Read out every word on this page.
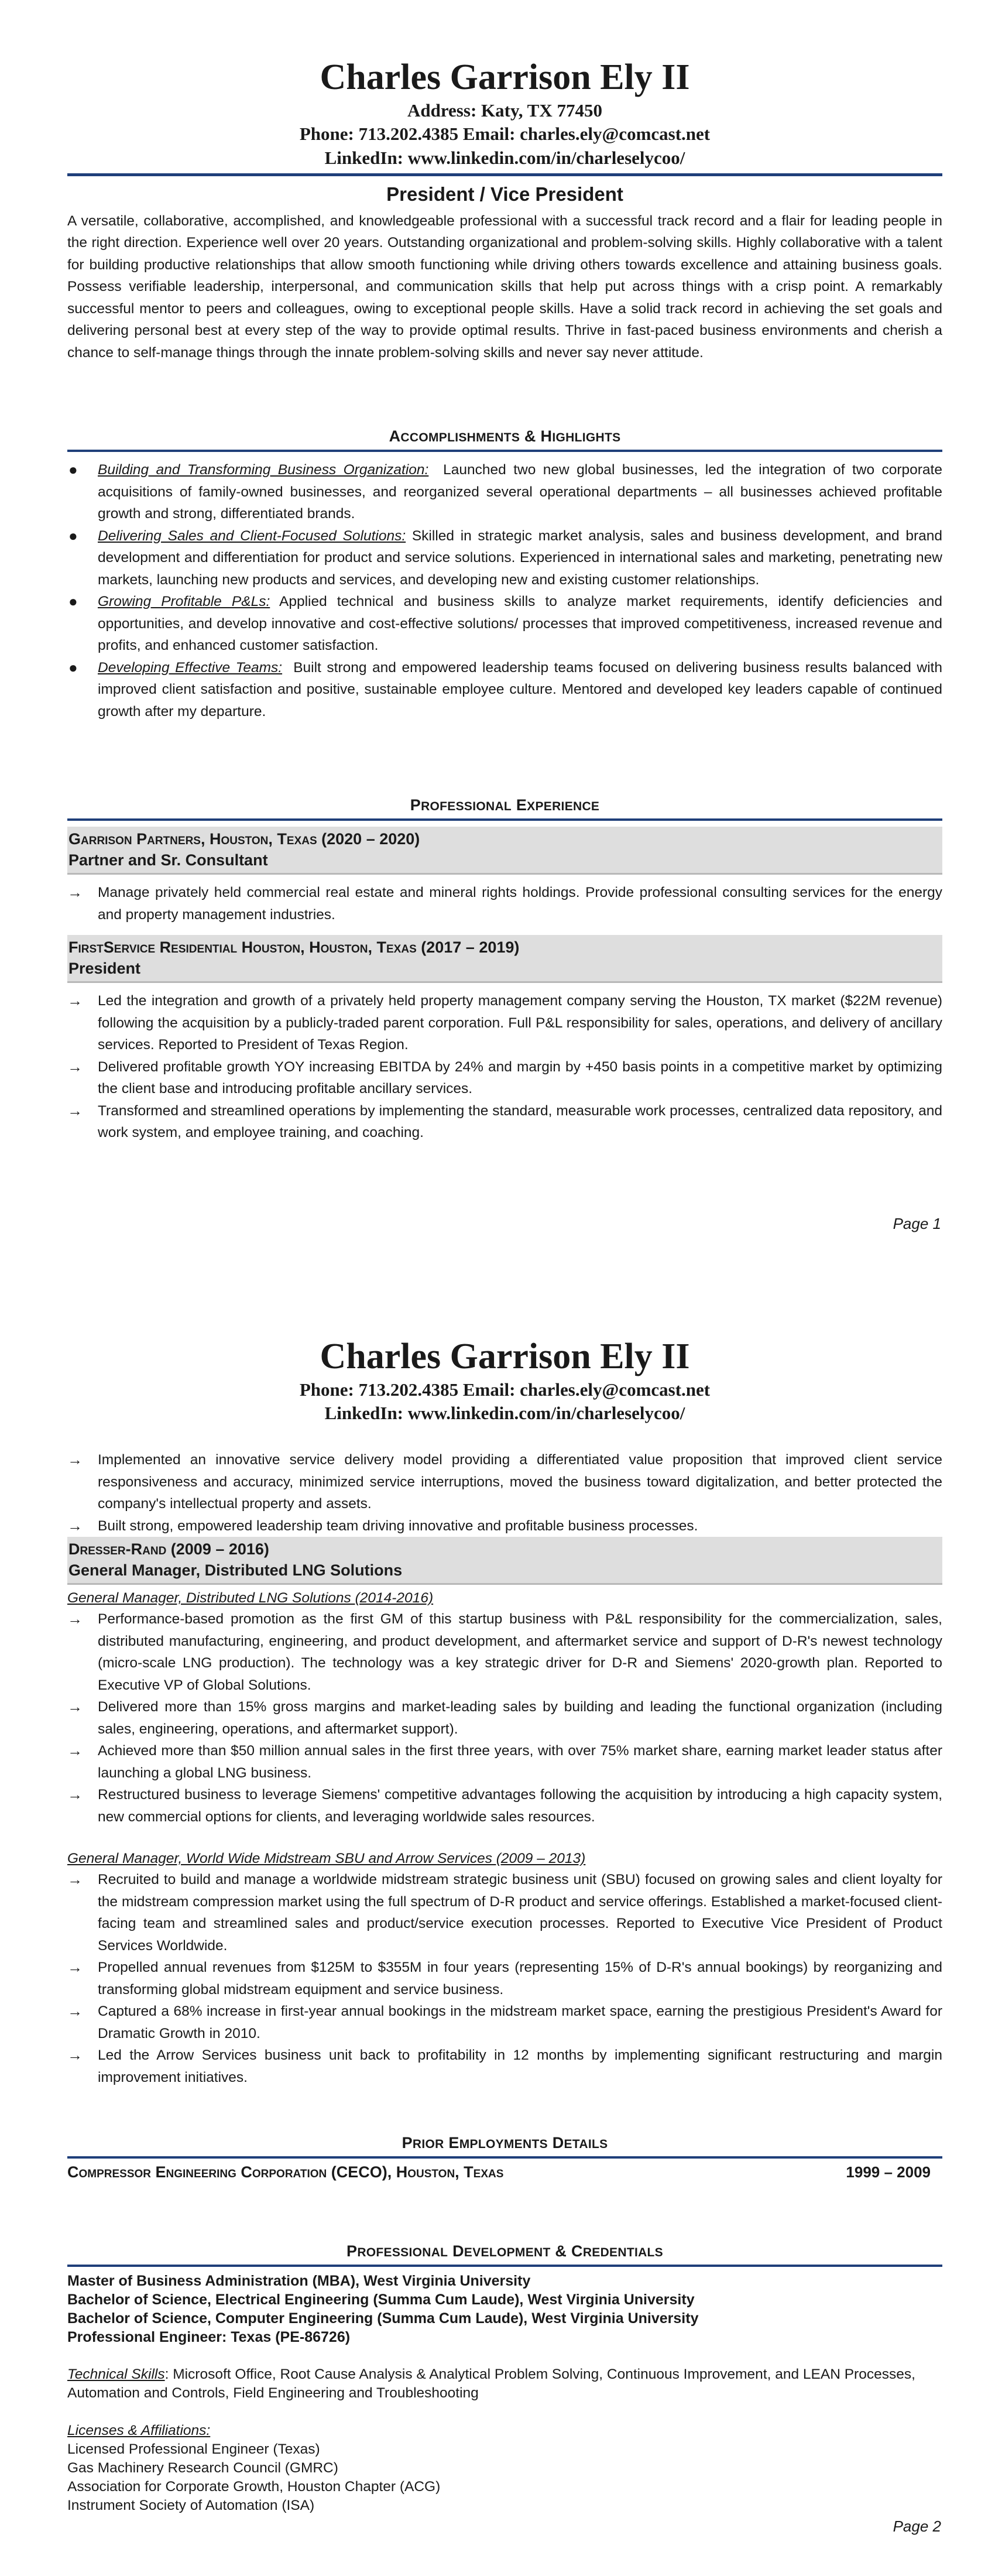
Charles Garrison Ely II
Address: Katy, TX 77450
Phone: 713.202.4385 Email: charles.ely@comcast.net
LinkedIn: www.linkedin.com/in/charleselycoo/
President / Vice President

A versatile, collaborative, accomplished, and knowledgeable professional with a successful track record and a flair for leading people in the right direction. Experience well over 20 years. Outstanding organizational and problem-solving skills. Highly collaborative with a talent for building productive relationships that allow smooth functioning while driving others towards excellence and attaining business goals. Possess verifiable leadership, interpersonal, and communication skills that help put across things with a crisp point. A remarkably successful mentor to peers and colleagues, owing to exceptional people skills. Have a solid track record in achieving the set goals and delivering personal best at every step of the way to provide optimal results. Thrive in fast-paced business environments and cherish a chance to self-manage things through the innate problem-solving skills and never say never attitude.

ACCOMPLISHMENTS & HIGHLIGHTS
● Building and Transforming Business Organization: Launched two new global businesses, led the integration of two corporate acquisitions of family-owned businesses, and reorganized several operational departments – all businesses achieved profitable growth and strong, differentiated brands.
● Delivering Sales and Client-Focused Solutions: Skilled in strategic market analysis, sales and business development, and brand development and differentiation for product and service solutions. Experienced in international sales and marketing, penetrating new markets, launching new products and services, and developing new and existing customer relationships.
● Growing Profitable P&Ls: Applied technical and business skills to analyze market requirements, identify deficiencies and opportunities, and develop innovative and cost-effective solutions/ processes that improved competitiveness, increased revenue and profits, and enhanced customer satisfaction.
● Developing Effective Teams: Built strong and empowered leadership teams focused on delivering business results balanced with improved client satisfaction and positive, sustainable employee culture. Mentored and developed key leaders capable of continued growth after my departure.
PROFESSIONAL EXPERIENCE
Garrison Partners, Houston, Texas (2020 – 2020)
Partner and Sr. Consultant
→ Manage privately held commercial real estate and mineral rights holdings. Provide professional consulting services for the energy and property management industries.
FirstService Residential Houston, Houston, Texas (2017 – 2019)
President
→ Led the integration and growth of a privately held property management company serving the Houston, TX market ($22M revenue) following the acquisition by a publicly-traded parent corporation. Full P&L responsibility for sales, operations, and delivery of ancillary services. Reported to President of Texas Region.
→ Delivered profitable growth YOY increasing EBITDA by 24% and margin by +450 basis points in a competitive market by optimizing the client base and introducing profitable ancillary services.
→ Transformed and streamlined operations by implementing the standard, measurable work processes, centralized data repository, and work system, and employee training, and coaching.
Page 1
Charles Garrison Ely II
Phone: 713.202.4385 Email: charles.ely@comcast.net
LinkedIn: www.linkedin.com/in/charleselycoo/
→ Implemented an innovative service delivery model providing a differentiated value proposition that improved client service responsiveness and accuracy, minimized service interruptions, moved the business toward digitalization, and better protected the company's intellectual property and assets.
→ Built strong, empowered leadership team driving innovative and profitable business processes.
Dresser-Rand (2009 – 2016)
General Manager, Distributed LNG Solutions
General Manager, Distributed LNG Solutions (2014-2016)
→ Performance-based promotion as the first GM of this startup business with P&L responsibility for the commercialization, sales, distributed manufacturing, engineering, and product development, and aftermarket service and support of D-R's newest technology (micro-scale LNG production). The technology was a key strategic driver for D-R and Siemens' 2020-growth plan. Reported to Executive VP of Global Solutions.
→ Delivered more than 15% gross margins and market-leading sales by building and leading the functional organization (including sales, engineering, operations, and aftermarket support).
→ Achieved more than $50 million annual sales in the first three years, with over 75% market share, earning market leader status after launching a global LNG business.
→ Restructured business to leverage Siemens' competitive advantages following the acquisition by introducing a high capacity system, new commercial options for clients, and leveraging worldwide sales resources.
General Manager, World Wide Midstream SBU and Arrow Services (2009 – 2013)
→ Recruited to build and manage a worldwide midstream strategic business unit (SBU) focused on growing sales and client loyalty for the midstream compression market using the full spectrum of D-R product and service offerings. Established a market-focused client-facing team and streamlined sales and product/service execution processes. Reported to Executive Vice President of Product Services Worldwide.
→ Propelled annual revenues from $125M to $355M in four years (representing 15% of D-R's annual bookings) by reorganizing and transforming global midstream equipment and service business.
→ Captured a 68% increase in first-year annual bookings in the midstream market space, earning the prestigious President's Award for Dramatic Growth in 2010.
→ Led the Arrow Services business unit back to profitability in 12 months by implementing significant restructuring and margin improvement initiatives.
PRIOR EMPLOYMENTS DETAILS
Compressor Engineering Corporation (CECO), Houston, Texas	1999 – 2009
PROFESSIONAL DEVELOPMENT & CREDENTIALS
Master of Business Administration (MBA), West Virginia University
Bachelor of Science, Electrical Engineering (Summa Cum Laude), West Virginia University
Bachelor of Science, Computer Engineering (Summa Cum Laude), West Virginia University
Professional Engineer: Texas (PE-86726)
Technical Skills: Microsoft Office, Root Cause Analysis & Analytical Problem Solving, Continuous Improvement, and LEAN Processes, Automation and Controls, Field Engineering and Troubleshooting
Licenses & Affiliations:
Licensed Professional Engineer (Texas)
Gas Machinery Research Council (GMRC)
Association for Corporate Growth, Houston Chapter (ACG)
Instrument Society of Automation (ISA)
Page 2
